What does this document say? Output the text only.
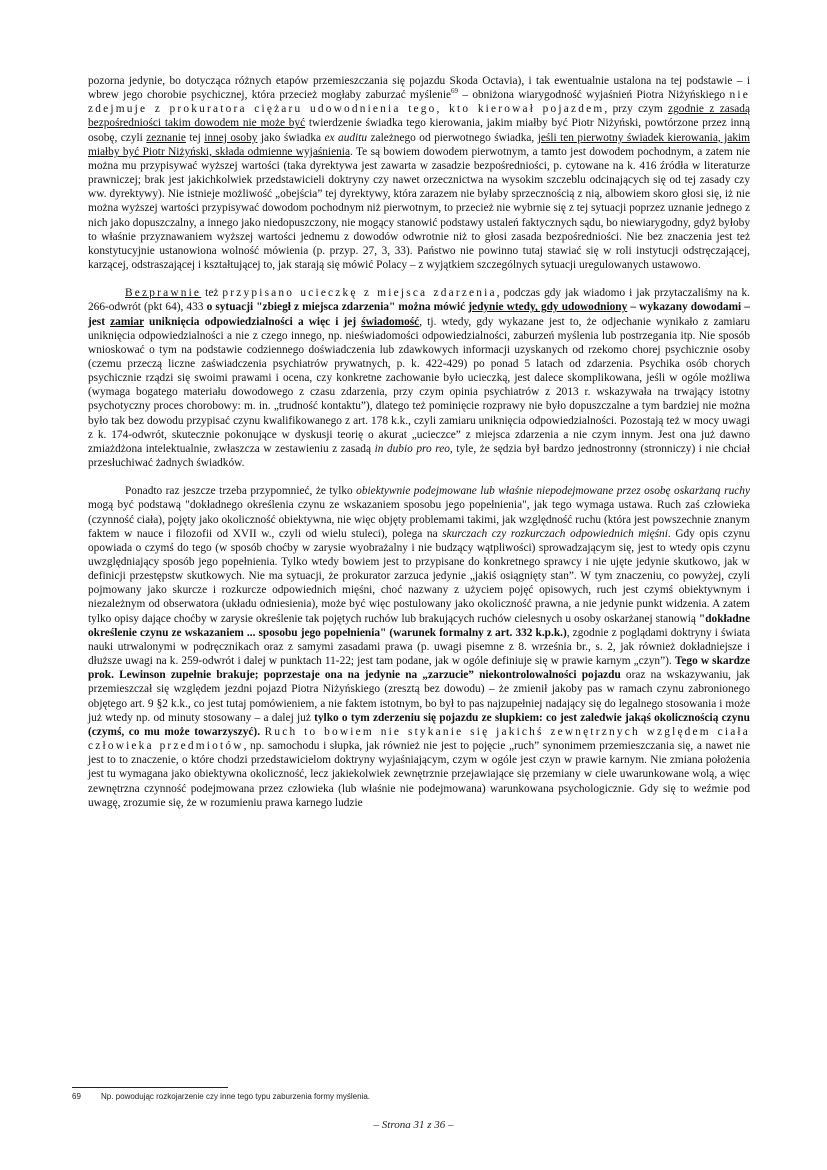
pozorna jedynie, bo dotycząca różnych etapów przemieszczania się pojazdu Skoda Octavia), i tak ewentualnie ustalona na tej podstawie – i wbrew jego chorobie psychicznej, która przecież mogłaby zaburzać myślenie$^{69}$ – obniżona wiarygodność wyjaśnień Piotra Niżyńskiego nie zdejmuje z prokuratora ciężaru udowodnienia tego, kto kierował pojazdem, przy czym zgodnie z zasadą bezpośredniości takim dowodem nie może być twierdzenie świadka tego kierowania, jakim miałby być Piotr Niżyński, powtórzone przez inną osobę, czyli zeznanie tej innej osoby jako świadka ex auditu zależnego od pierwotnego świadka, jeśli ten pierwotny świadek kierowania, jakim miałby być Piotr Niżyński, składa odmienne wyjaśnienia. Te są bowiem dowodem pierwotnym, a tamto jest dowodem pochodnym, a zatem nie można mu przypisywać wyższej wartości (taka dyrektywa jest zawarta w zasadzie bezpośredniości, p. cytowane na k. 416 źródła w literaturze prawniczej; brak jest jakichkolwiek przedstawicieli doktryny czy nawet orzecznictwa na wysokim szczeblu odcinających się od tej zasady czy ww. dyrektywy). Nie istnieje możliwość „obejścia” tej dyrektywy, która zarazem nie byłaby sprzecznością z nią, albowiem skoro głosi się, iż nie można wyższej wartości przypisywać dowodom pochodnym niż pierwotnym, to przecież nie wybrnie się z tej sytuacji poprzez uznanie jednego z nich jako dopuszczalny, a innego jako niedopuszczony, nie mogący stanowić podstawy ustaleń faktycznych sądu, bo niewiarygodny, gdyż byłoby to właśnie przyznawaniem wyższej wartości jednemu z dowodów odwrotnie niż to głosi zasada bezpośredniości. Nie bez znaczenia jest też konstytucyjnie ustanowiona wolność mówienia (p. przyp. 27, 3, 33). Państwo nie powinno tutaj stawiać się w roli instytucji odstręczającej, karzącej, odstraszającej i kształtującej to, jak starają się mówić Polacy – z wyjątkiem szczególnych sytuacji uregulowanych ustawowo.

Bezprawnie też przypisano ucieczkę z miejsca zdarzenia, podczas gdy jak wiadomo i jak przytaczaliśmy na k. 266-odwrót (pkt 64), 433 o sytuacji "zbiegł z miejsca zdarzenia" można mówić jedynie wtedy, gdy udowodniony – wykazany dowodami – jest zamiar uniknięcia odpowiedzialności a więc i jej świadomość, tj. wtedy, gdy wykazane jest to, że odjechanie wynikało z zamiaru uniknięcia odpowiedzialności a nie z czego innego, np. nieświadomości odpowiedzialności, zaburzeń myślenia lub postrzegania itp. Nie sposób wnioskować o tym na podstawie codziennego doświadczenia lub zdawkowych informacji uzyskanych od rzekomo chorej psychicznie osoby (czemu przeczą liczne zaświadczenia psychiatrów prywatnych, p. k. 422-429) po ponad 5 latach od zdarzenia. Psychika osób chorych psychicznie rządzi się swoimi prawami i ocena, czy konkretne zachowanie było ucieczką, jest dalece skomplikowana, jeśli w ogóle możliwa (wymaga bogatego materiału dowodowego z czasu zdarzenia, przy czym opinia psychiatrów z 2013 r. wskazywała na trwający istotny psychotyczny proces chorobowy: m. in. „trudność kontaktu”), dlatego też pominięcie rozprawy nie było dopuszczalne a tym bardziej nie można było tak bez dowodu przypisać czynu kwalifikowanego z art. 178 k.k., czyli zamiaru uniknięcia odpowiedzialności. Pozostają też w mocy uwagi z k. 174-odwrót, skutecznie pokonujące w dyskusji teorię o akurat „ucieczce” z miejsca zdarzenia a nie czym innym. Jest ona już dawno zmiażdżona intelektualnie, zwłaszcza w zestawieniu z zasadą in dubio pro reo, tyle, że sędzia był bardzo jednostronny (stronniczy) i nie chciał przesłuchiwać żadnych świadków.

Ponadto raz jeszcze trzeba przypomnieć, że tylko obiektywnie podejmowane lub właśnie niepodejmowane przez osobę oskarżaną ruchy mogą być podstawą "dokładnego określenia czynu ze wskazaniem sposobu jego popełnienia", jak tego wymaga ustawa. Ruch zaś człowieka (czynność ciała), pojęty jako okoliczność obiektywna, nie więc objęty problemami takimi, jak względność ruchu (która jest powszechnie znanym faktem w nauce i filozofii od XVII w., czyli od wielu stuleci), polega na skurczach czy rozkurczach odpowiednich mięśni. Gdy opis czynu opowiada o czymś do tego (w sposób choćby w zarysie wyobrażalny i nie budzący wątpliwości) sprowadzającym się, jest to wtedy opis czynu uwzględniający sposób jego popełnienia. Tylko wtedy bowiem jest to przypisane do konkretnego sprawcy i nie ujęte jedynie skutkowo, jak w definicji przestępstw skutkowych. Nie ma sytuacji, że prokurator zarzuca jedynie „jakiś osiągnięty stan”. W tym znaczeniu, co powyżej, czyli pojmowany jako skurcze i rozkurcze odpowiednich mięśni, choć nazwany z użyciem pojęć opisowych, ruch jest czymś obiektywnym i niezależnym od obserwatora (układu odniesienia), może być więc postulowany jako okoliczność prawna, a nie jedynie punkt widzenia. A zatem tylko opisy dające choćby w zarysie określenie tak pojętych ruchów lub brakujących ruchów cielesnych u osoby oskarżanej stanowią "dokładne określenie czynu ze wskazaniem ... sposobu jego popełnienia" (warunek formalny z art. 332 k.p.k.), zgodnie z poglądami doktryny i świata nauki utrwalonymi w podręcznikach oraz z samymi zasadami prawa (p. uwagi pisemne z 8. września br., s. 2, jak również dokładniejsze i dłuższe uwagi na k. 259-odwrót i dalej w punktach 11-22; jest tam podane, jak w ogóle definiuje się w prawie karnym „czyn”). Tego w skardze prok. Lewinson zupełnie brakuje; poprzestaje ona na jedynie na „zarzucie” niekontrolowalności pojazdu oraz na wskazywaniu, jak przemieszczał się względem jezdni pojazd Piotra Niżyńskiego (zresztą bez dowodu) – że zmienił jakoby pas w ramach czynu zabronionego objętego art. 9 §2 k.k., co jest tutaj pomówieniem, a nie faktem istotnym, bo był to pas najzupełniej nadający się do legalnego stosowania i może już wtedy np. od minuty stosowany – a dalej już tylko o tym zderzeniu się pojazdu ze słupkiem: co jest zaledwie jakąś okolicznością czynu (czymś, co mu może towarzyszyć). Ruch to bowiem nie stykanie się jakichś zewnętrznych względem ciała człowieka przedmiotów, np. samochodu i słupka, jak również nie jest to pojęcie „ruch” synonimem przemieszczania się, a nawet nie jest to to znaczenie, o które chodzi przedstawicielom doktryny wyjaśniającym, czym w ogóle jest czyn w prawie karnym. Nie zmiana położenia jest tu wymagana jako obiektywna okoliczność, lecz jakiekolwiek zewnętrznie przejawiające się przemiany w ciele uwarunkowane wolą, a więc zewnętrzna czynność podejmowana przez człowieka (lub właśnie nie podejmowana) warunkowana psychologicznie. Gdy się to weźmie pod uwagę, zrozumie się, że w rozumieniu prawa karnego ludzie

69	Np. powodując rozkojarzenie czy inne tego typu zaburzenia formy myślenia.
– Strona 31 z 36 –
